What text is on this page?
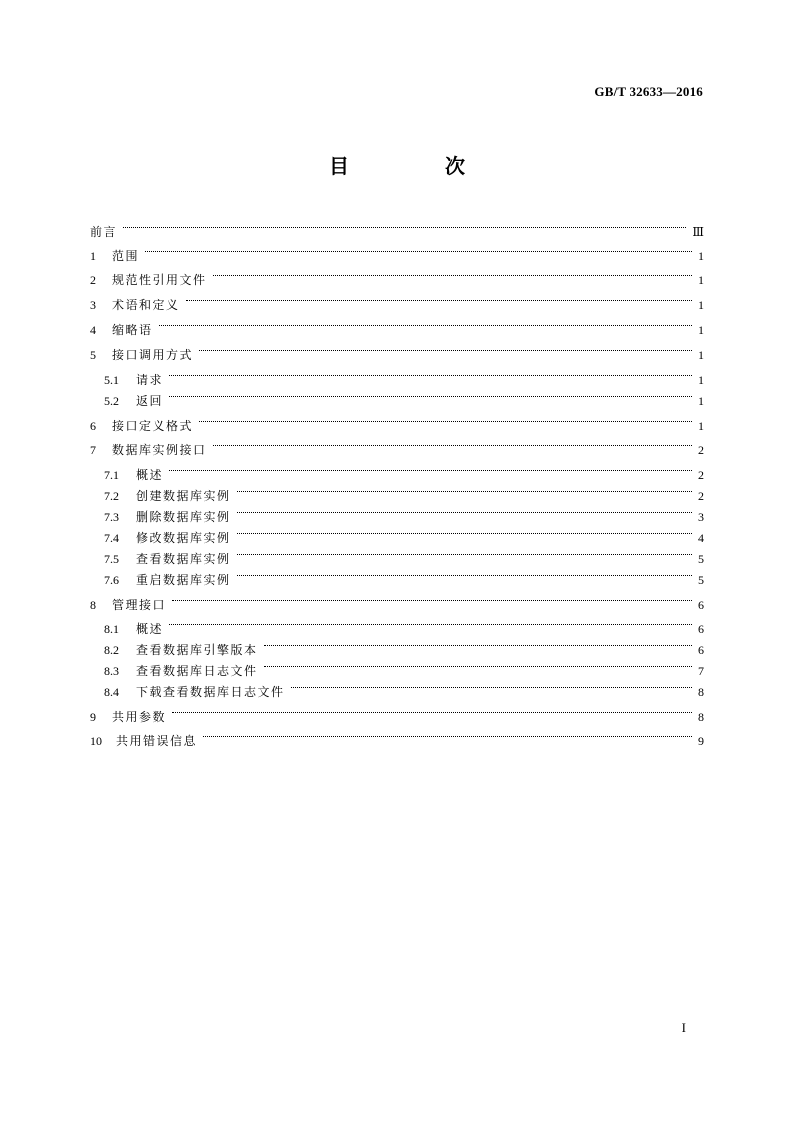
GB/T 32633—2016
目　次
前言	Ⅲ
1	范围	1
2	规范性引用文件	1
3	术语和定义	1
4	缩略语	1
5	接口调用方式	1
5.1	请求	1
5.2	返回	1
6	接口定义格式	1
7	数据库实例接口	2
7.1	概述	2
7.2	创建数据库实例	2
7.3	删除数据库实例	3
7.4	修改数据库实例	4
7.5	查看数据库实例	5
7.6	重启数据库实例	5
8	管理接口	6
8.1	概述	6
8.2	查看数据库引擎版本	6
8.3	查看数据库日志文件	7
8.4	下载查看数据库日志文件	8
9	共用参数	8
10	共用错误信息	9
I
